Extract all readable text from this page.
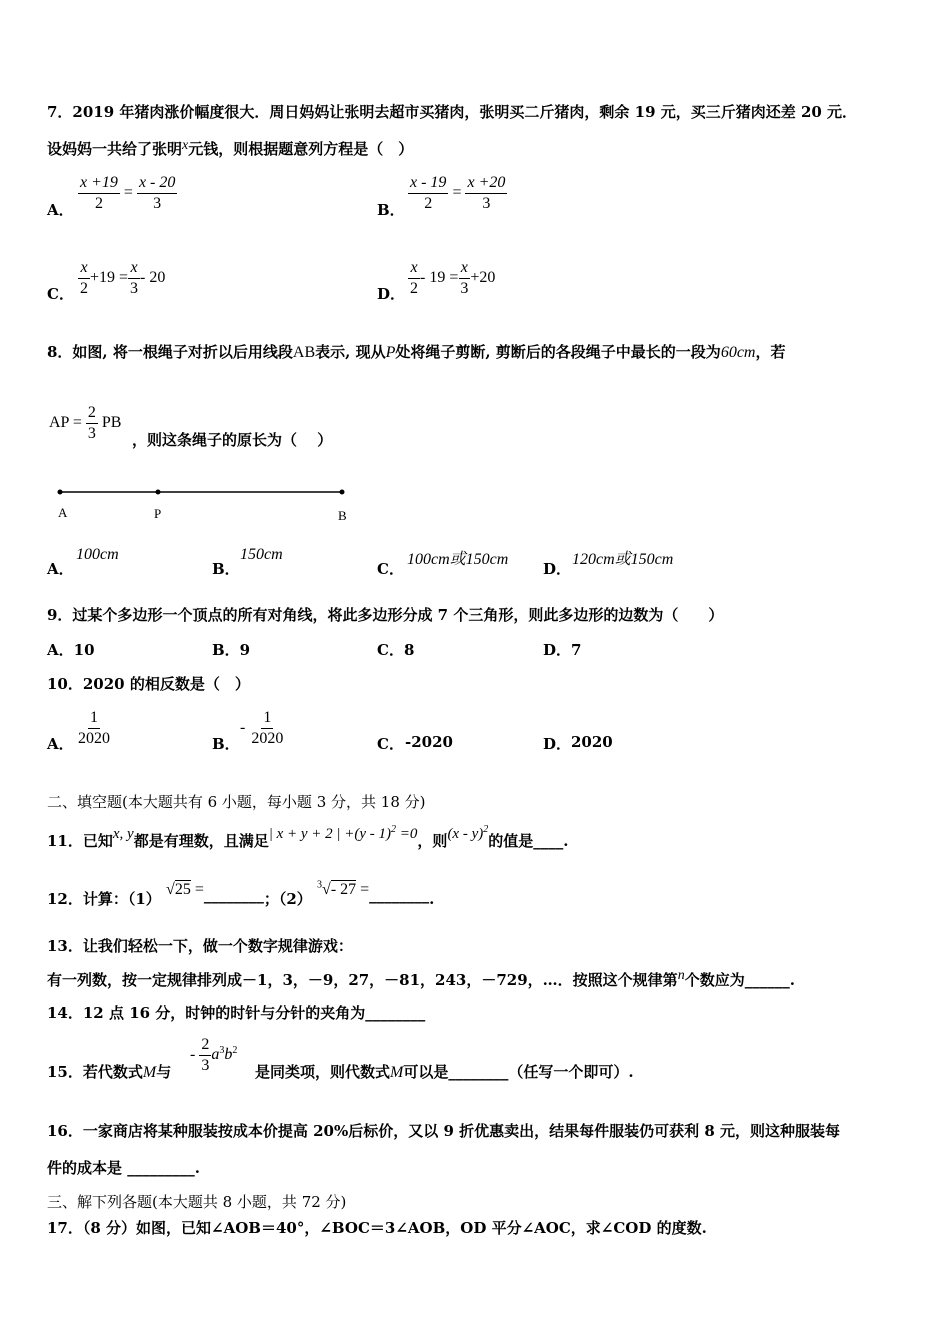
7．2019 年猪肉涨价幅度很大．周日妈妈让张明去超市买猪肉，张明买二斤猪肉，剩余 19 元，买三斤猪肉还差 20 元．
设妈妈一共给了张明x元钱，则根据题意列方程是（　）
A． $\frac{x +19}{2} = \frac{x - 20}{3}$	B． $\frac{x - 19}{2} = \frac{x +20}{3}$
C． $\frac{x}{2} +19 = \frac{x}{3} - 20$
D． $\frac{x}{2} - 19 = \frac{x}{3} +20$
8．如图, 将一根绳子对折以后用线段AB表示, 现从P处将绳子剪断, 剪断后的各段绳子中最长的一段为60cm，若
AP = $\frac{2}{3}$ PB
，则这条绳子的原长为（　 ）
A	P	B
A．
100cm
B．
150cm
C．
100cm或150cm
D．
120cm或150cm
9．过某个多边形一个顶点的所有对角线，将此多边形分成 7 个三角形，则此多边形的边数为（　　）
A．10	B．9	C．8	D．7
10．2020 的相反数是（　）
A． $\frac{1}{2020}$	B．
- $\frac{1}{2020}$	C． -2020	D． 2020
二、填空题(本大题共有 6 小题，每小题 3 分，共 18 分)
11．已知x, y都是有理数，且满足| x + y + 2 | +(y - 1)$^2$ =0，则(x - y)$^2$的值是____.
12．计算：（1） √25 =________；（2） $^3$√- 27 =________.
13．让我们轻松一下，做一个数字规律游戏：
有一列数，按一定规律排列成－1，3，－9，27，－81，243，－729，…．按照这个规律第n个数应为______.
14．12 点 16 分，时钟的时针与分针的夹角为________
15．若代数式M与
- $\frac{2}{3} a^3b^2$
是同类项，则代数式M可以是________（任写一个即可）.
16．一家商店将某种服装按成本价提高 20%后标价，又以 9 折优惠卖出，结果每件服装仍可获利 8 元，则这种服装每
件的成本是 _________.
三、解下列各题(本大题共 8 小题，共 72 分)
17．（8 分）如图，已知∠AOB＝40°，∠BOC＝3∠AOB，OD 平分∠AOC，求∠COD 的度数.
